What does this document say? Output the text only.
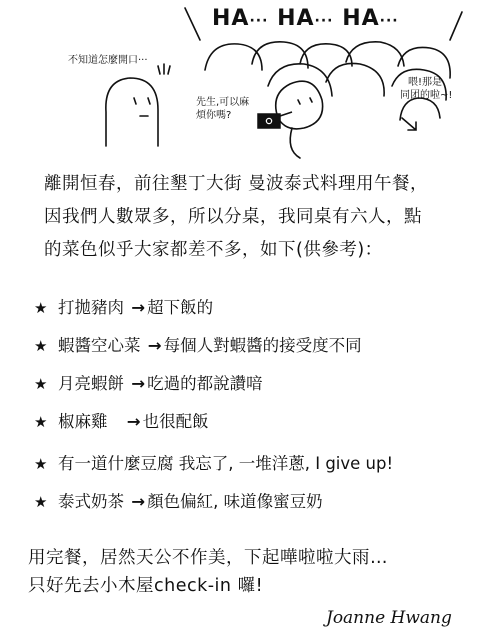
HA··· HA··· HA···
不知道怎麼開口···
先生,可以麻
煩你嗎?
喂!那是
同团的啦~!
離開恒春，前往墾丁大街 曼波泰式料理用午餐，
因我們人數眾多，所以分桌，我同桌有六人，點
的菜色似乎大家都差不多，如下(供參考)：
★ 打拋豬肉 → 超下飯的
★ 蝦醬空心菜 → 每個人對蝦醬的接受度不同
★ 月亮蝦餅 → 吃過的都說讚喑
★ 椒麻雞 → 也很配飯
★ 有一道什麼豆腐 我忘了, 一堆洋蔥, I give up!
★ 泰式奶茶 → 顏色偏紅, 味道像蜜豆奶
用完餐，居然天公不作美，下起嘩啦啦大雨…
只好先去小木屋check-in 囉!
Joanne Hwang
